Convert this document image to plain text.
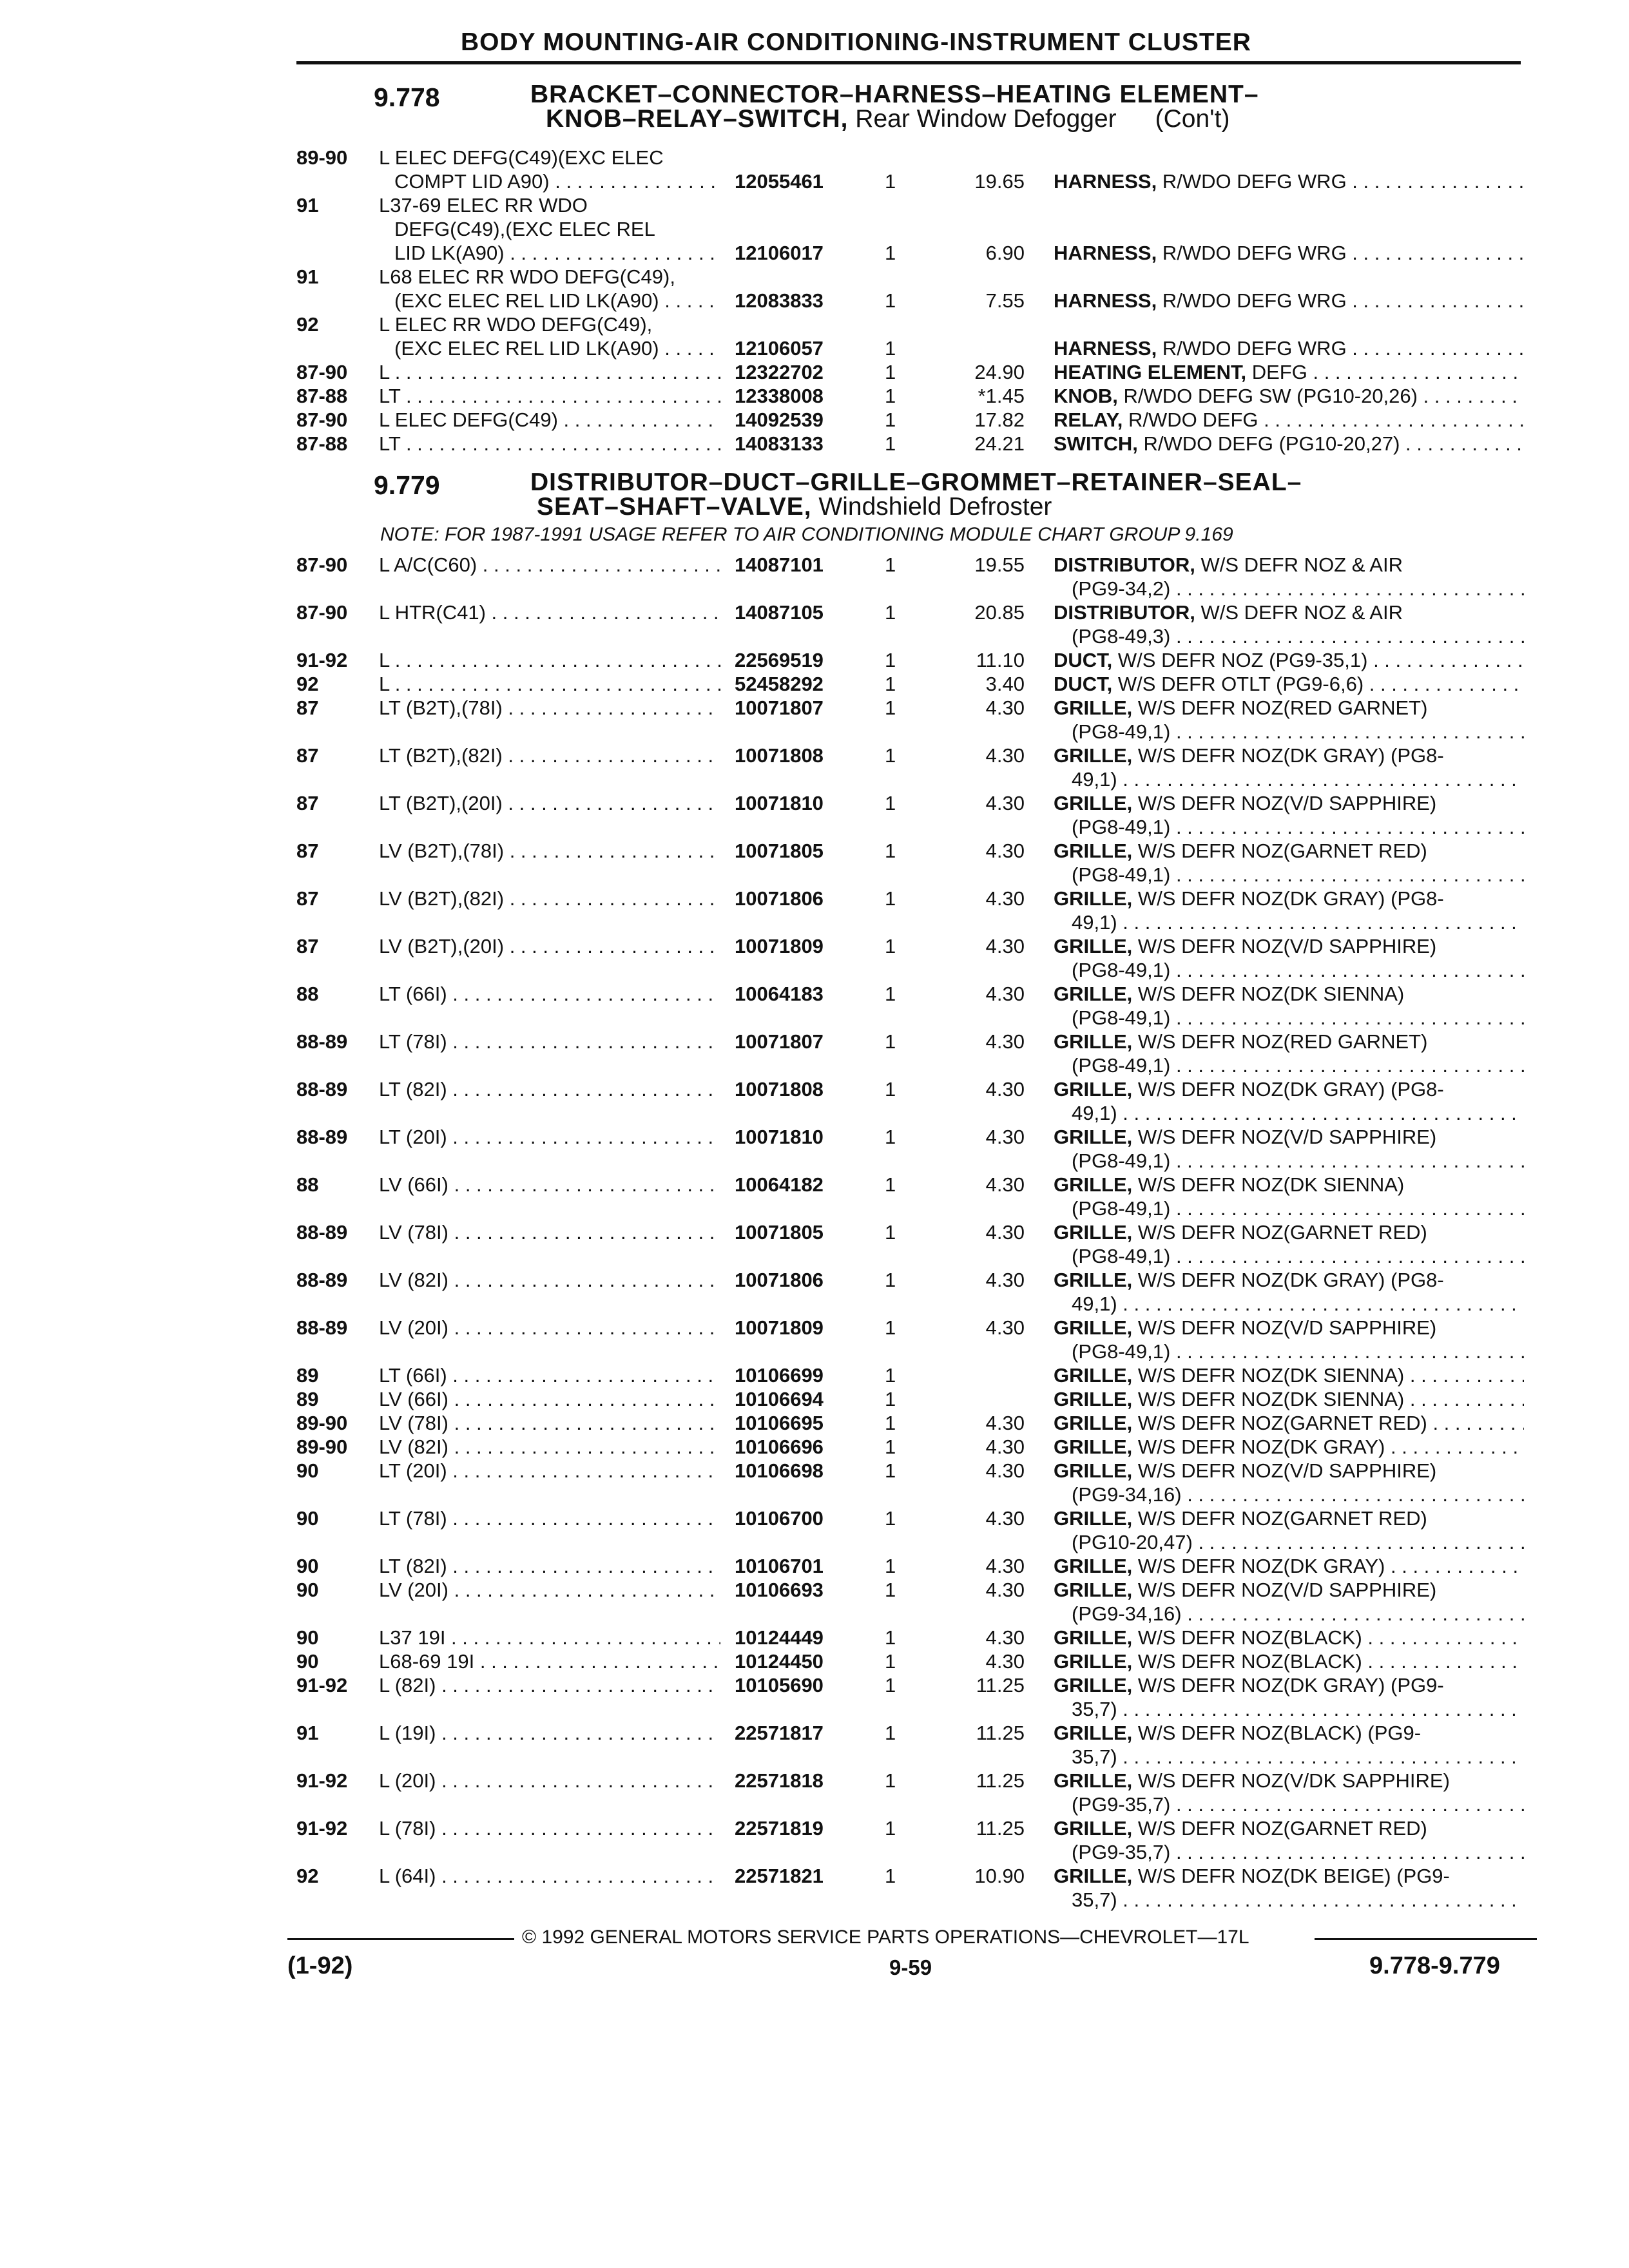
BODY MOUNTING-AIR CONDITIONING-INSTRUMENT CLUSTER
9.778	BRACKET–CONNECTOR–HARNESS–HEATING ELEMENT–
KNOB–RELAY–SWITCH, Rear Window Defogger (Con't)
89-90 L ELEC DEFG(C49)(EXC ELEC
COMPT LID A90) . . .	12055461	1	19.65 HARNESS, R/WDO DEFG WRG . . .
91	L37-69 ELEC RR WDO
DEFG(C49),(EXC ELEC REL
LID LK(A90) . . .	12106017	1	6.90 HARNESS, R/WDO DEFG WRG . . .
91	L68 ELEC RR WDO DEFG(C49),
(EXC ELEC REL LID LK(A90) . . .	12083833	1	7.55 HARNESS, R/WDO DEFG WRG . . .
92	L ELEC RR WDO DEFG(C49),
(EXC ELEC REL LID LK(A90) . . .	12106057	1	HARNESS, R/WDO DEFG WRG . . .
87-90 L . . .	12322702	1	24.90 HEATING ELEMENT, DEFG . . .
87-88 LT . . .	12338008	1	*1.45 KNOB, R/WDO DEFG SW (PG10-20,26) . . .
87-90 L ELEC DEFG(C49) . . .	14092539	1	17.82 RELAY, R/WDO DEFG . . .
87-88 LT . . .	14083133	1	24.21 SWITCH, R/WDO DEFG (PG10-20,27) . . .
9.779	DISTRIBUTOR–DUCT–GRILLE–GROMMET–RETAINER–SEAL–
SEAT–SHAFT–VALVE, Windshield Defroster
NOTE: FOR 1987-1991 USAGE REFER TO AIR CONDITIONING MODULE CHART GROUP 9.169
87-90 L A/C(C60) . . .	14087101	1	19.55 DISTRIBUTOR, W/S DEFR NOZ & AIR
(PG9-34,2) . . .
87-90 L HTR(C41) . . .	14087105	1	20.85 DISTRIBUTOR, W/S DEFR NOZ & AIR
(PG8-49,3) . . .
91-92 L . . .	22569519	1	11.10 DUCT, W/S DEFR NOZ (PG9-35,1) . . .
92	L . . .	52458292	1	3.40 DUCT, W/S DEFR OTLT (PG9-6,6) . . .
87	LT (B2T),(78I) . . .	10071807	1	4.30 GRILLE, W/S DEFR NOZ(RED GARNET)
(PG8-49,1) . . .
87	LT (B2T),(82I) . . .	10071808	1	4.30 GRILLE, W/S DEFR NOZ(DK GRAY) (PG8-
49,1) . . .
87	LT (B2T),(20I) . . .	10071810	1	4.30 GRILLE, W/S DEFR NOZ(V/D SAPPHIRE)
(PG8-49,1) . . .
87	LV (B2T),(78I) . . .	10071805	1	4.30 GRILLE, W/S DEFR NOZ(GARNET RED)
(PG8-49,1) . . .
87	LV (B2T),(82I) . . .	10071806	1	4.30 GRILLE, W/S DEFR NOZ(DK GRAY) (PG8-
49,1) . . .
87	LV (B2T),(20I) . . .	10071809	1	4.30 GRILLE, W/S DEFR NOZ(V/D SAPPHIRE)
(PG8-49,1) . . .
88	LT (66I) . . .	10064183	1	4.30 GRILLE, W/S DEFR NOZ(DK SIENNA)
(PG8-49,1) . . .
88-89 LT (78I) . . .	10071807	1	4.30 GRILLE, W/S DEFR NOZ(RED GARNET)
(PG8-49,1) . . .
88-89 LT (82I) . . .	10071808	1	4.30 GRILLE, W/S DEFR NOZ(DK GRAY) (PG8-
49,1) . . .
88-89 LT (20I) . . .	10071810	1	4.30 GRILLE, W/S DEFR NOZ(V/D SAPPHIRE)
(PG8-49,1) . . .
88	LV (66I) . . .	10064182	1	4.30 GRILLE, W/S DEFR NOZ(DK SIENNA)
(PG8-49,1) . . .
88-89 LV (78I) . . .	10071805	1	4.30 GRILLE, W/S DEFR NOZ(GARNET RED)
(PG8-49,1) . . .
88-89 LV (82I) . . .	10071806	1	4.30 GRILLE, W/S DEFR NOZ(DK GRAY) (PG8-
49,1) . . .
88-89 LV (20I) . . .	10071809	1	4.30 GRILLE, W/S DEFR NOZ(V/D SAPPHIRE)
(PG8-49,1) . . .
89	LT (66I) . . .	10106699	1	GRILLE, W/S DEFR NOZ(DK SIENNA) . . .
89	LV (66I) . . .	10106694	1	GRILLE, W/S DEFR NOZ(DK SIENNA) . . .
89-90 LV (78I) . . .	10106695	1	4.30 GRILLE, W/S DEFR NOZ(GARNET RED) . . .
89-90 LV (82I) . . .	10106696	1	4.30 GRILLE, W/S DEFR NOZ(DK GRAY) . . .
90	LT (20I) . . .	10106698	1	4.30 GRILLE, W/S DEFR NOZ(V/D SAPPHIRE)
(PG9-34,16) . . .
90	LT (78I) . . .	10106700	1	4.30 GRILLE, W/S DEFR NOZ(GARNET RED)
(PG10-20,47) . . .
90	LT (82I) . . .	10106701	1	4.30 GRILLE, W/S DEFR NOZ(DK GRAY) . . .
90	LV (20I) . . .	10106693	1	4.30 GRILLE, W/S DEFR NOZ(V/D SAPPHIRE)
(PG9-34,16) . . .
90	L37 19I . . .	10124449	1	4.30 GRILLE, W/S DEFR NOZ(BLACK) . . .
90	L68-69 19I . . .	10124450	1	4.30 GRILLE, W/S DEFR NOZ(BLACK) . . .
91-92 L (82I) . . .	10105690	1	11.25 GRILLE, W/S DEFR NOZ(DK GRAY) (PG9-
35,7) . . .
91	L (19I) . . .	22571817	1	11.25 GRILLE, W/S DEFR NOZ(BLACK) (PG9-
35,7) . . .
91-92 L (20I) . . .	22571818	1	11.25 GRILLE, W/S DEFR NOZ(V/DK SAPPHIRE)
(PG9-35,7) . . .
91-92 L (78I) . . .	22571819	1	11.25 GRILLE, W/S DEFR NOZ(GARNET RED)
(PG9-35,7) . . .
92	L (64I) . . .	22571821	1	10.90 GRILLE, W/S DEFR NOZ(DK BEIGE) (PG9-
35,7) . . .
© 1992 GENERAL MOTORS SERVICE PARTS OPERATIONS—CHEVROLET—17L
(1-92)	9-59	9.778-9.779
